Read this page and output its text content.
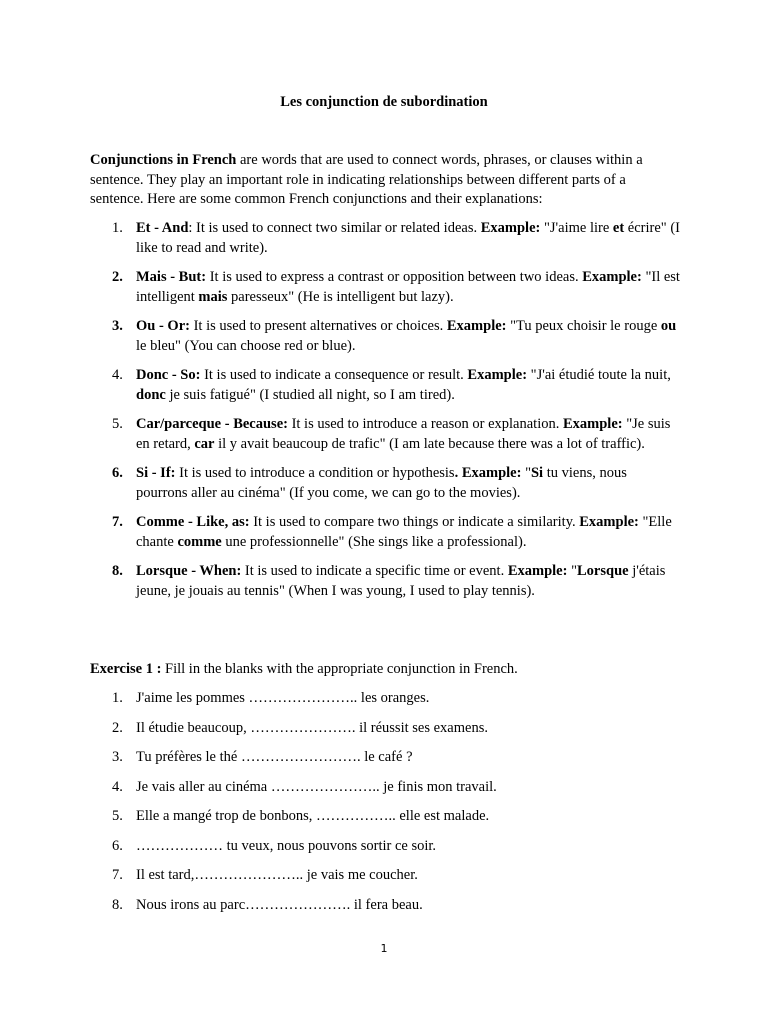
Les conjunction de subordination

Conjunctions in French are words that are used to connect words, phrases, or clauses within a sentence. They play an important role in indicating relationships between different parts of a sentence. Here are some common French conjunctions and their explanations:

1. Et - And: It is used to connect two similar or related ideas. Example: "J'aime lire et écrire" (I like to read and write).
2. Mais - But: It is used to express a contrast or opposition between two ideas. Example: "Il est intelligent mais paresseux" (He is intelligent but lazy).
3. Ou - Or: It is used to present alternatives or choices. Example: "Tu peux choisir le rouge ou le bleu" (You can choose red or blue).
4. Donc - So: It is used to indicate a consequence or result. Example: "J'ai étudié toute la nuit, donc je suis fatigué" (I studied all night, so I am tired).
5. Car/parceque - Because: It is used to introduce a reason or explanation. Example: "Je suis en retard, car il y avait beaucoup de trafic" (I am late because there was a lot of traffic).
6. Si - If: It is used to introduce a condition or hypothesis. Example: "Si tu viens, nous pourrons aller au cinéma" (If you come, we can go to the movies).
7. Comme - Like, as: It is used to compare two things or indicate a similarity. Example: "Elle chante comme une professionnelle" (She sings like a professional).
8. Lorsque - When: It is used to indicate a specific time or event. Example: "Lorsque j'étais jeune, je jouais au tennis" (When I was young, I used to play tennis).

Exercise 1 : Fill in the blanks with the appropriate conjunction in French.

1. J'aime les pommes ………………….. les oranges.
2. Il étudie beaucoup, …………………. il réussit ses examens.
3. Tu préfères le thé ……………………. le café ?
4. Je vais aller au cinéma ………………….. je finis mon travail.
5. Elle a mangé trop de bonbons, …………….. elle est malade.
6. ……………… tu veux, nous pouvons sortir ce soir.
7. Il est tard,………………….. je vais me coucher.
8. Nous irons au parc…………………. il fera beau.
1
